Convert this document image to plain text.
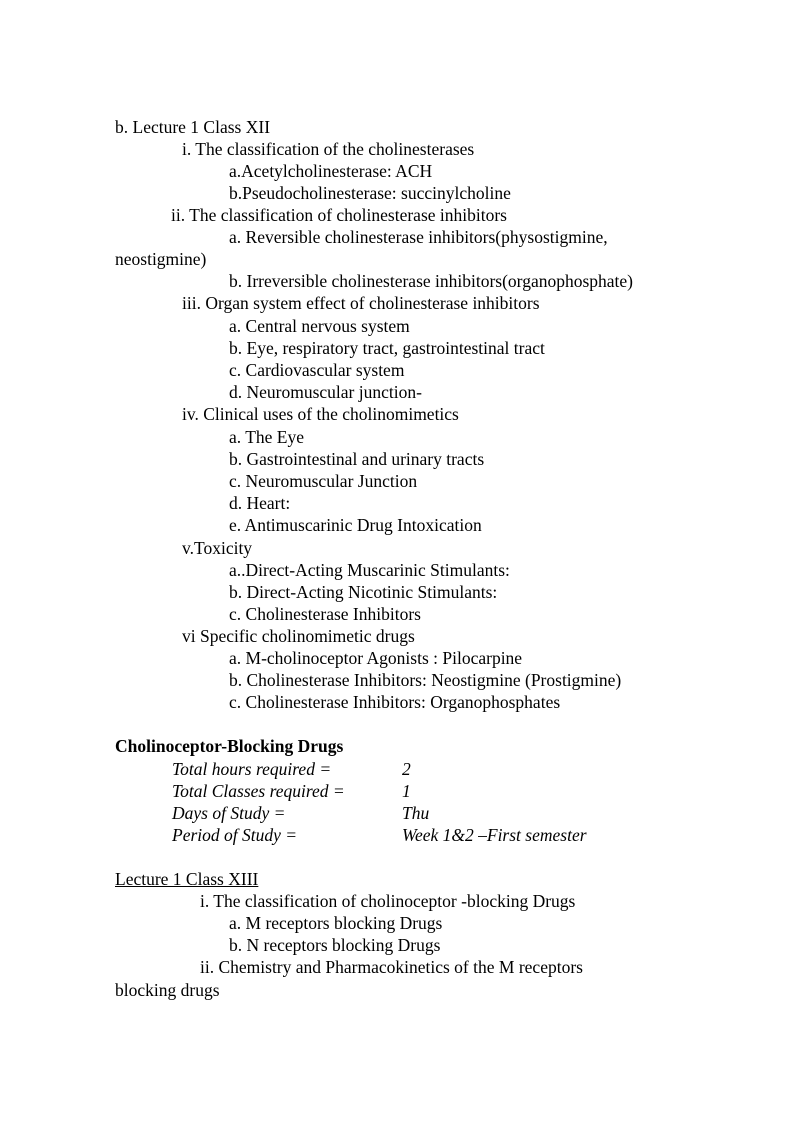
b. Lecture 1 Class XII
i. The classification of the cholinesterases
a.Acetylcholinesterase: ACH
b.Pseudocholinesterase: succinylcholine
ii. The classification of cholinesterase inhibitors
a. Reversible cholinesterase inhibitors(physostigmine,
neostigmine)
b. Irreversible cholinesterase inhibitors(organophosphate)
iii. Organ system effect of cholinesterase inhibitors
a. Central nervous system
b. Eye, respiratory tract, gastrointestinal tract
c. Cardiovascular system
d. Neuromuscular junction-
iv. Clinical uses of the cholinomimetics
a. The Eye
b. Gastrointestinal and urinary tracts
c. Neuromuscular Junction
d. Heart:
e. Antimuscarinic Drug Intoxication
v.Toxicity
a..Direct-Acting Muscarinic Stimulants:
b. Direct-Acting Nicotinic Stimulants:
c. Cholinesterase Inhibitors
vi Specific cholinomimetic drugs
a. M-cholinoceptor Agonists : Pilocarpine
b. Cholinesterase Inhibitors: Neostigmine (Prostigmine)
c. Cholinesterase Inhibitors: Organophosphates
Cholinoceptor-Blocking Drugs
Total hours required =	2
Total Classes required =	1
Days of Study =	Thu
Period of Study =	Week 1&2 –First semester
Lecture 1 Class XIII
i. The classification of cholinoceptor -blocking Drugs
a. M receptors blocking Drugs
b. N receptors blocking Drugs
ii. Chemistry and Pharmacokinetics of the M receptors
blocking drugs
